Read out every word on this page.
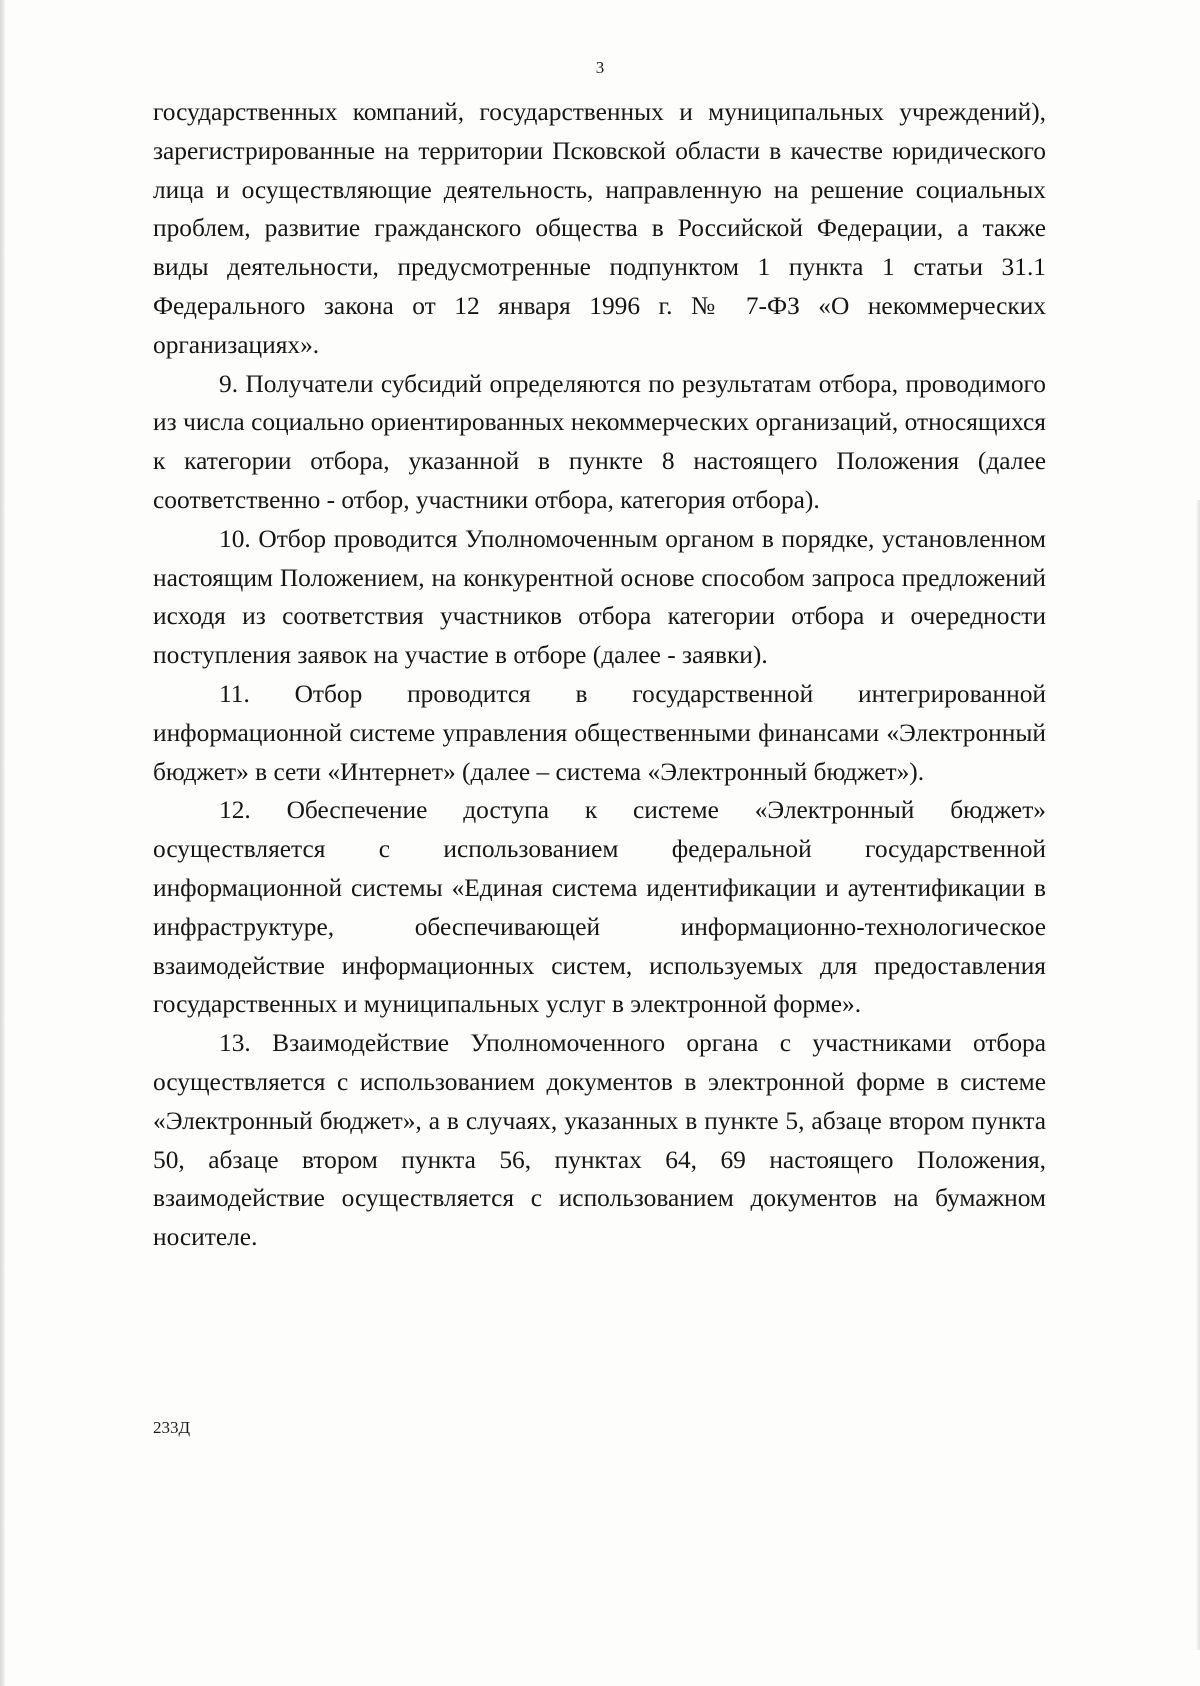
3

государственных компаний, государственных и муниципальных учреждений), зарегистрированные на территории Псковской области в качестве юридического лица и осуществляющие деятельность, направленную на решение социальных проблем, развитие гражданского общества в Российской Федерации, а также виды деятельности, предусмотренные подпунктом 1 пункта 1 статьи 31.1 Федерального закона от 12 января 1996 г. № 7-ФЗ «О некоммерческих организациях».

9. Получатели субсидий определяются по результатам отбора, проводимого из числа социально ориентированных некоммерческих организаций, относящихся к категории отбора, указанной в пункте 8 настоящего Положения (далее соответственно - отбор, участники отбора, категория отбора).

10. Отбор проводится Уполномоченным органом в порядке, установленном настоящим Положением, на конкурентной основе способом запроса предложений исходя из соответствия участников отбора категории отбора и очередности поступления заявок на участие в отборе (далее - заявки).

11. Отбор проводится в государственной интегрированной информационной системе управления общественными финансами «Электронный бюджет» в сети «Интернет» (далее – система «Электронный бюджет»).

12. Обеспечение доступа к системе «Электронный бюджет» осуществляется с использованием федеральной государственной информационной системы «Единая система идентификации и аутентификации в инфраструктуре, обеспечивающей информационно-технологическое взаимодействие информационных систем, используемых для предоставления государственных и муниципальных услуг в электронной форме».

13. Взаимодействие Уполномоченного органа с участниками отбора осуществляется с использованием документов в электронной форме в системе «Электронный бюджет», а в случаях, указанных в пункте 5, абзаце втором пункта 50, абзаце втором пункта 56, пунктах 64, 69 настоящего Положения, взаимодействие осуществляется с использованием документов на бумажном носителе.

233Д
